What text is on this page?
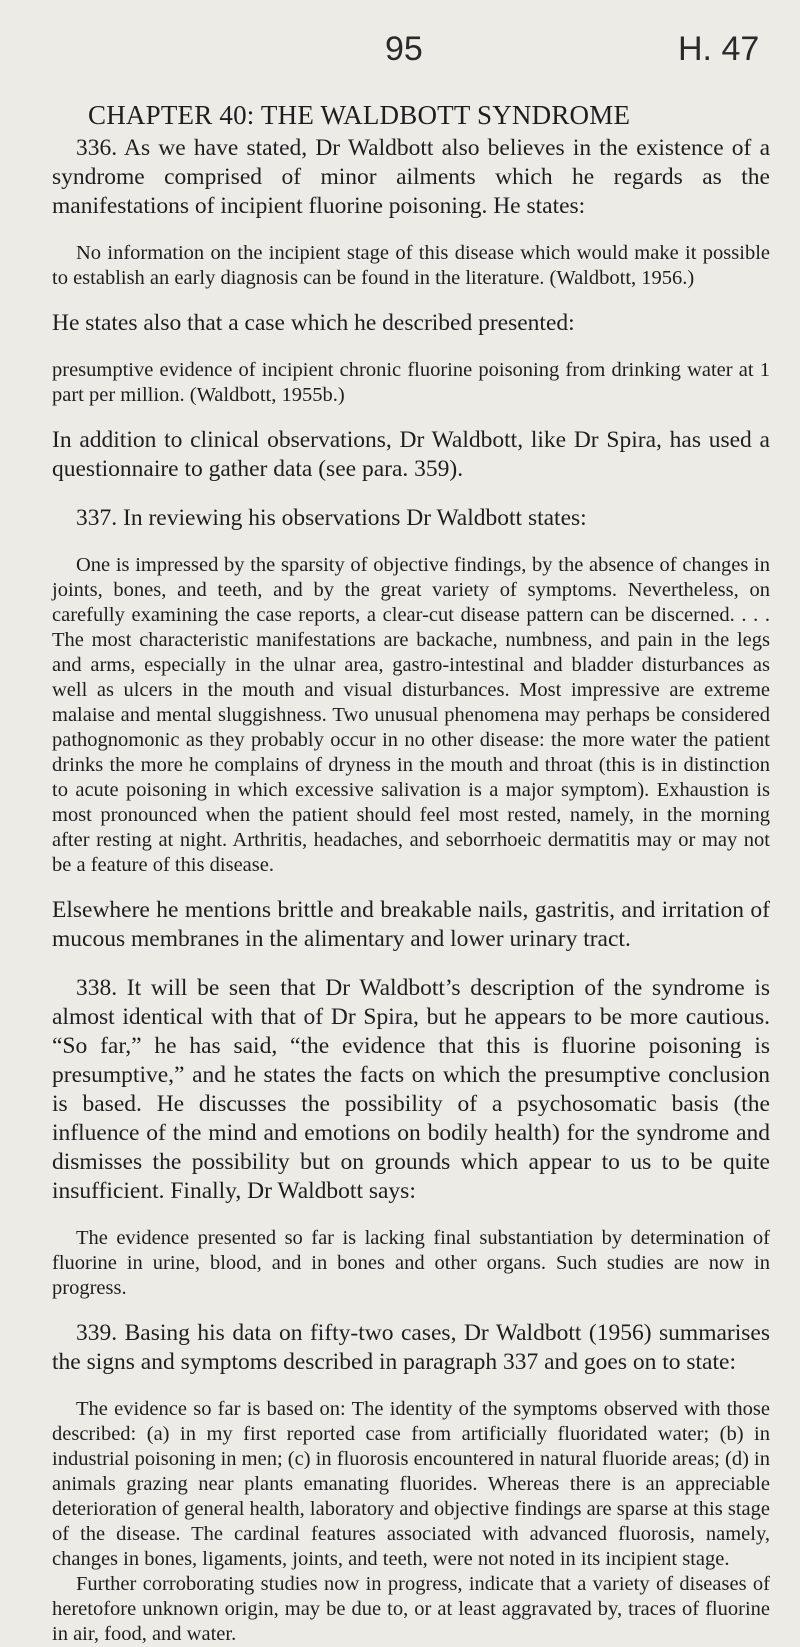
95	H. 47
CHAPTER 40: THE WALDBOTT SYNDROME

336. As we have stated, Dr Waldbott also believes in the existence of a syndrome comprised of minor ailments which he regards as the manifestations of incipient fluorine poisoning. He states:

No information on the incipient stage of this disease which would make it possible to establish an early diagnosis can be found in the literature. (Waldbott, 1956.)

He states also that a case which he described presented:

presumptive evidence of incipient chronic fluorine poisoning from drinking water at 1 part per million. (Waldbott, 1955b.)

In addition to clinical observations, Dr Waldbott, like Dr Spira, has used a questionnaire to gather data (see para. 359).

337. In reviewing his observations Dr Waldbott states:

One is impressed by the sparsity of objective findings, by the absence of changes in joints, bones, and teeth, and by the great variety of symptoms. Nevertheless, on carefully examining the case reports, a clear-cut disease pattern can be discerned. . . . The most characteristic manifestations are backache, numbness, and pain in the legs and arms, especially in the ulnar area, gastro-intestinal and bladder disturbances as well as ulcers in the mouth and visual disturbances. Most impressive are extreme malaise and mental sluggishness. Two unusual phenomena may perhaps be considered pathognomonic as they probably occur in no other disease: the more water the patient drinks the more he complains of dryness in the mouth and throat (this is in distinction to acute poisoning in which excessive salivation is a major symptom). Exhaustion is most pronounced when the patient should feel most rested, namely, in the morning after resting at night. Arthritis, headaches, and seborrhoeic dermatitis may or may not be a feature of this disease.

Elsewhere he mentions brittle and breakable nails, gastritis, and irritation of mucous membranes in the alimentary and lower urinary tract.

338. It will be seen that Dr Waldbott’s description of the syndrome is almost identical with that of Dr Spira, but he appears to be more cautious. “So far,” he has said, “the evidence that this is fluorine poisoning is presumptive,” and he states the facts on which the presumptive conclusion is based. He discusses the possibility of a psychosomatic basis (the influence of the mind and emotions on bodily health) for the syndrome and dismisses the possibility but on grounds which appear to us to be quite insufficient. Finally, Dr Waldbott says:

The evidence presented so far is lacking final substantiation by determination of fluorine in urine, blood, and in bones and other organs. Such studies are now in progress.

339. Basing his data on fifty-two cases, Dr Waldbott (1956) summarises the signs and symptoms described in paragraph 337 and goes on to state:

The evidence so far is based on: The identity of the symptoms observed with those described: (a) in my first reported case from artificially fluoridated water; (b) in industrial poisoning in men; (c) in fluorosis encountered in natural fluoride areas; (d) in animals grazing near plants emanating fluorides. Whereas there is an appreciable deterioration of general health, laboratory and objective findings are sparse at this stage of the disease. The cardinal features associated with advanced fluorosis, namely, changes in bones, ligaments, joints, and teeth, were not noted in its incipient stage.

Further corroborating studies now in progress, indicate that a variety of diseases of heretofore unknown origin, may be due to, or at least aggravated by, traces of fluorine in air, food, and water.
